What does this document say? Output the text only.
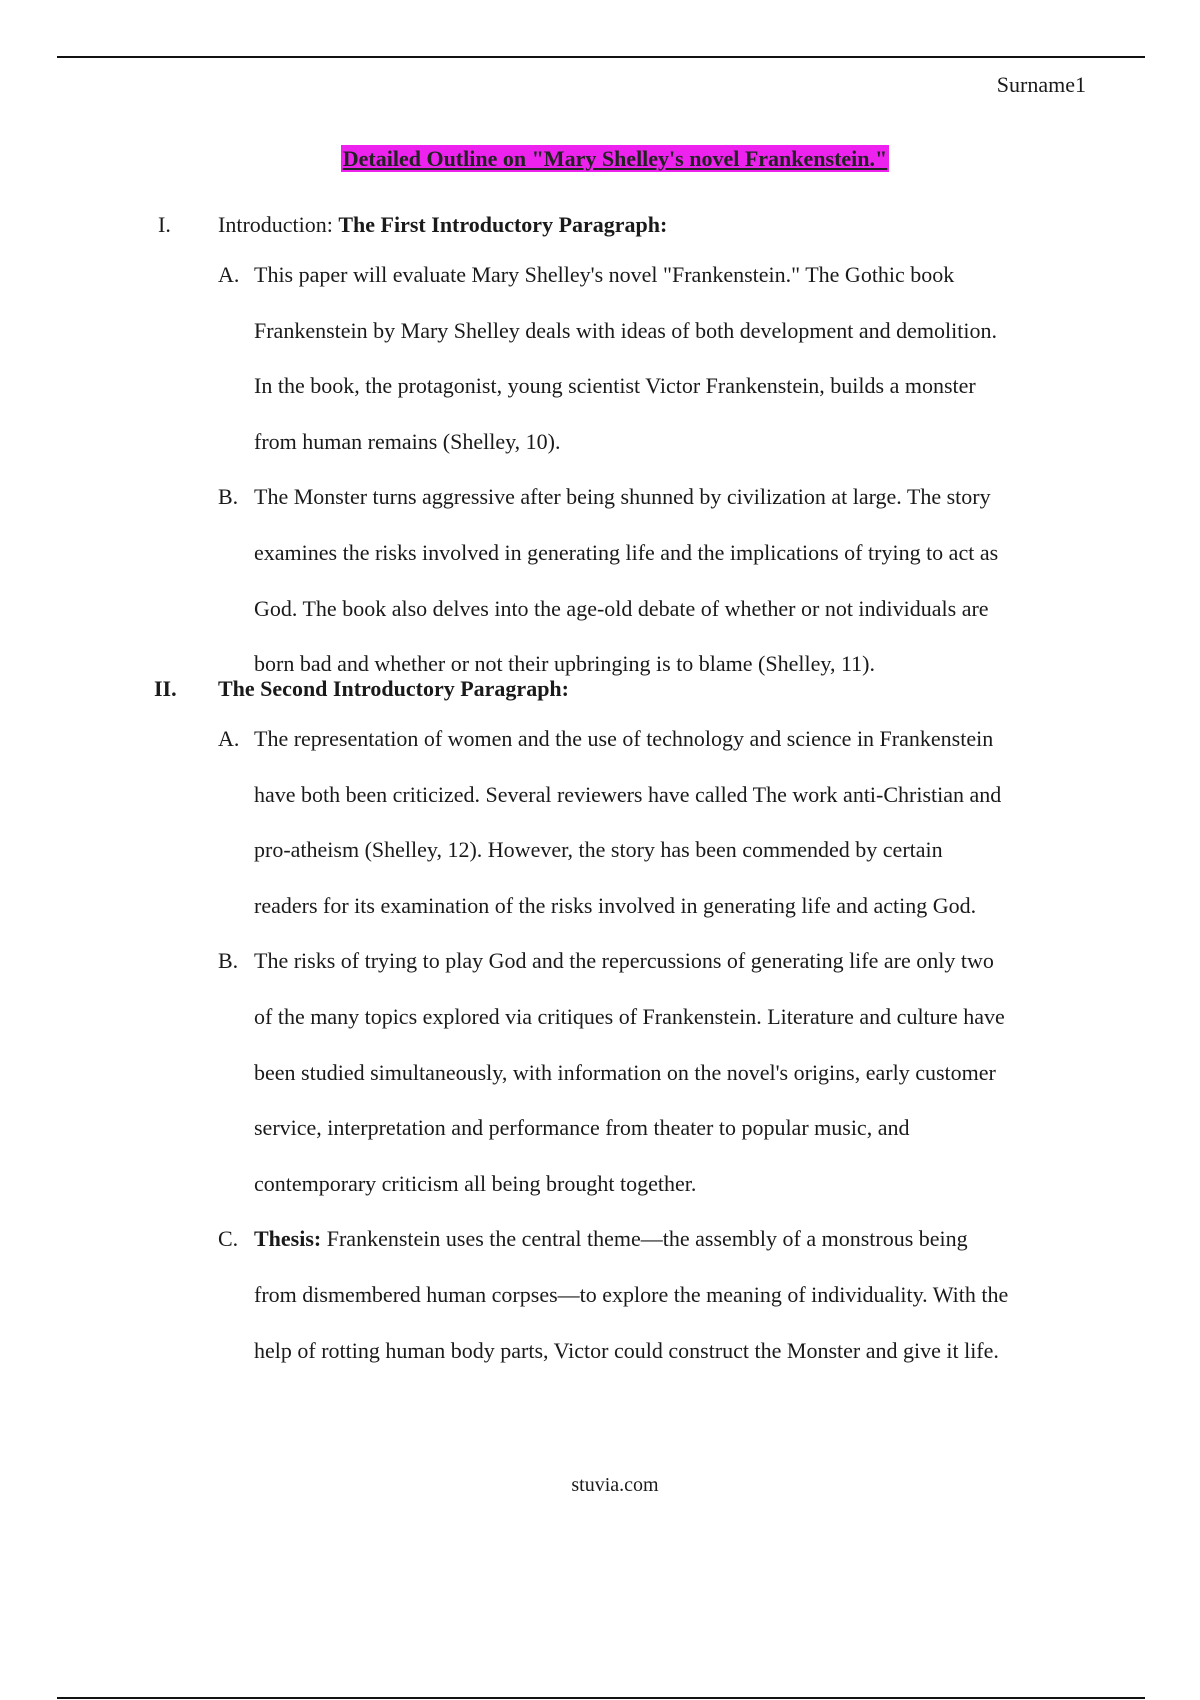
Surname1
Detailed Outline on "Mary Shelley's novel Frankenstein."
I.	Introduction: The First Introductory Paragraph:
A. This paper will evaluate Mary Shelley's novel "Frankenstein." The Gothic book
Frankenstein by Mary Shelley deals with ideas of both development and demolition.
In the book, the protagonist, young scientist Victor Frankenstein, builds a monster
from human remains (Shelley, 10).
B. The Monster turns aggressive after being shunned by civilization at large. The story
examines the risks involved in generating life and the implications of trying to act as
God. The book also delves into the age-old debate of whether or not individuals are
born bad and whether or not their upbringing is to blame (Shelley, 11).
II.	The Second Introductory Paragraph:
A. The representation of women and the use of technology and science in Frankenstein
have both been criticized. Several reviewers have called The work anti-Christian and
pro-atheism (Shelley, 12). However, the story has been commended by certain
readers for its examination of the risks involved in generating life and acting God.
B. The risks of trying to play God and the repercussions of generating life are only two
of the many topics explored via critiques of Frankenstein. Literature and culture have
been studied simultaneously, with information on the novel's origins, early customer
service, interpretation and performance from theater to popular music, and
contemporary criticism all being brought together.
C. Thesis: Frankenstein uses the central theme—the assembly of a monstrous being
from dismembered human corpses—to explore the meaning of individuality. With the
help of rotting human body parts, Victor could construct the Monster and give it life.
stuvia.com
